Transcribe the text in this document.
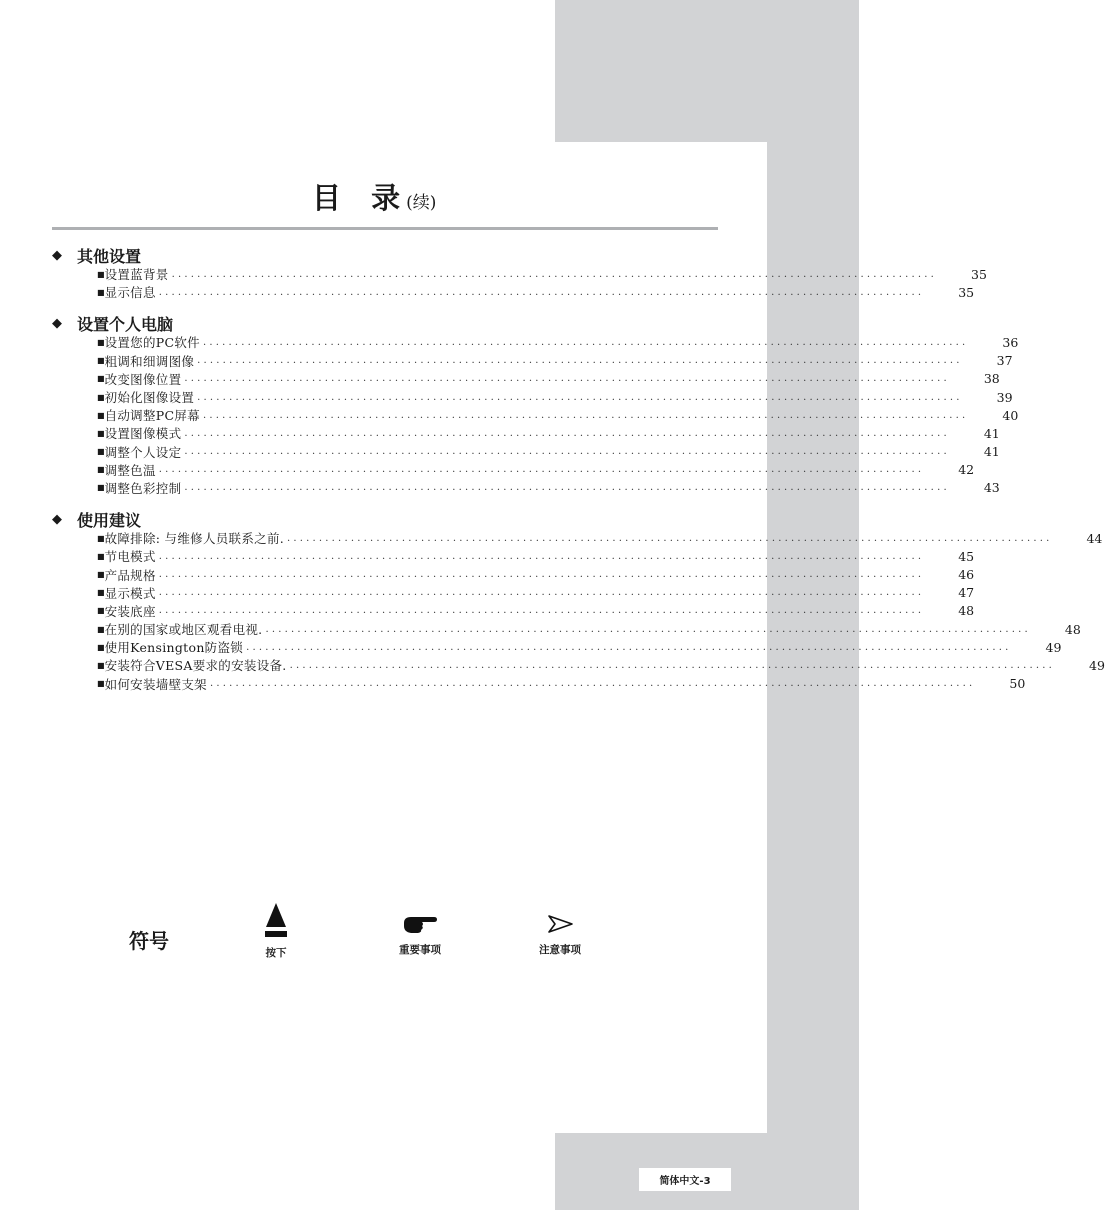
目 录(续)
◆ 其他设置
■ 设置蓝背景 ........................................................................................................................	35
■ 显示信息 ........................................................................................................................	35
◆ 设置个人电脑
■ 设置您的PC软件 ........................................................................................................................	36
■ 粗调和细调图像 ........................................................................................................................	37
■ 改变图像位置 ........................................................................................................................	38
■ 初始化图像设置 ........................................................................................................................	39
■ 自动调整PC屏幕 ........................................................................................................................	40
■ 设置图像模式 ........................................................................................................................	41
■ 调整个人设定 ........................................................................................................................	41
■ 调整色温 ........................................................................................................................	42
■ 调整色彩控制 ........................................................................................................................	43
◆ 使用建议
■ 故障排除: 与维修人员联系之前. ........................................................................................................................	44
■ 节电模式 ........................................................................................................................	45
■ 产品规格 ........................................................................................................................	46
■ 显示模式 ........................................................................................................................	47
■ 安装底座 ........................................................................................................................	48
■ 在别的国家或地区观看电视. ........................................................................................................................	48
■ 使用Kensington防盗锁 ........................................................................................................................	49
■ 安装符合VESA要求的安装设备. ........................................................................................................................	49
■ 如何安装墙壁支架 ........................................................................................................................	50
符号	按下	重要事项	注意事项
简体中文-3
